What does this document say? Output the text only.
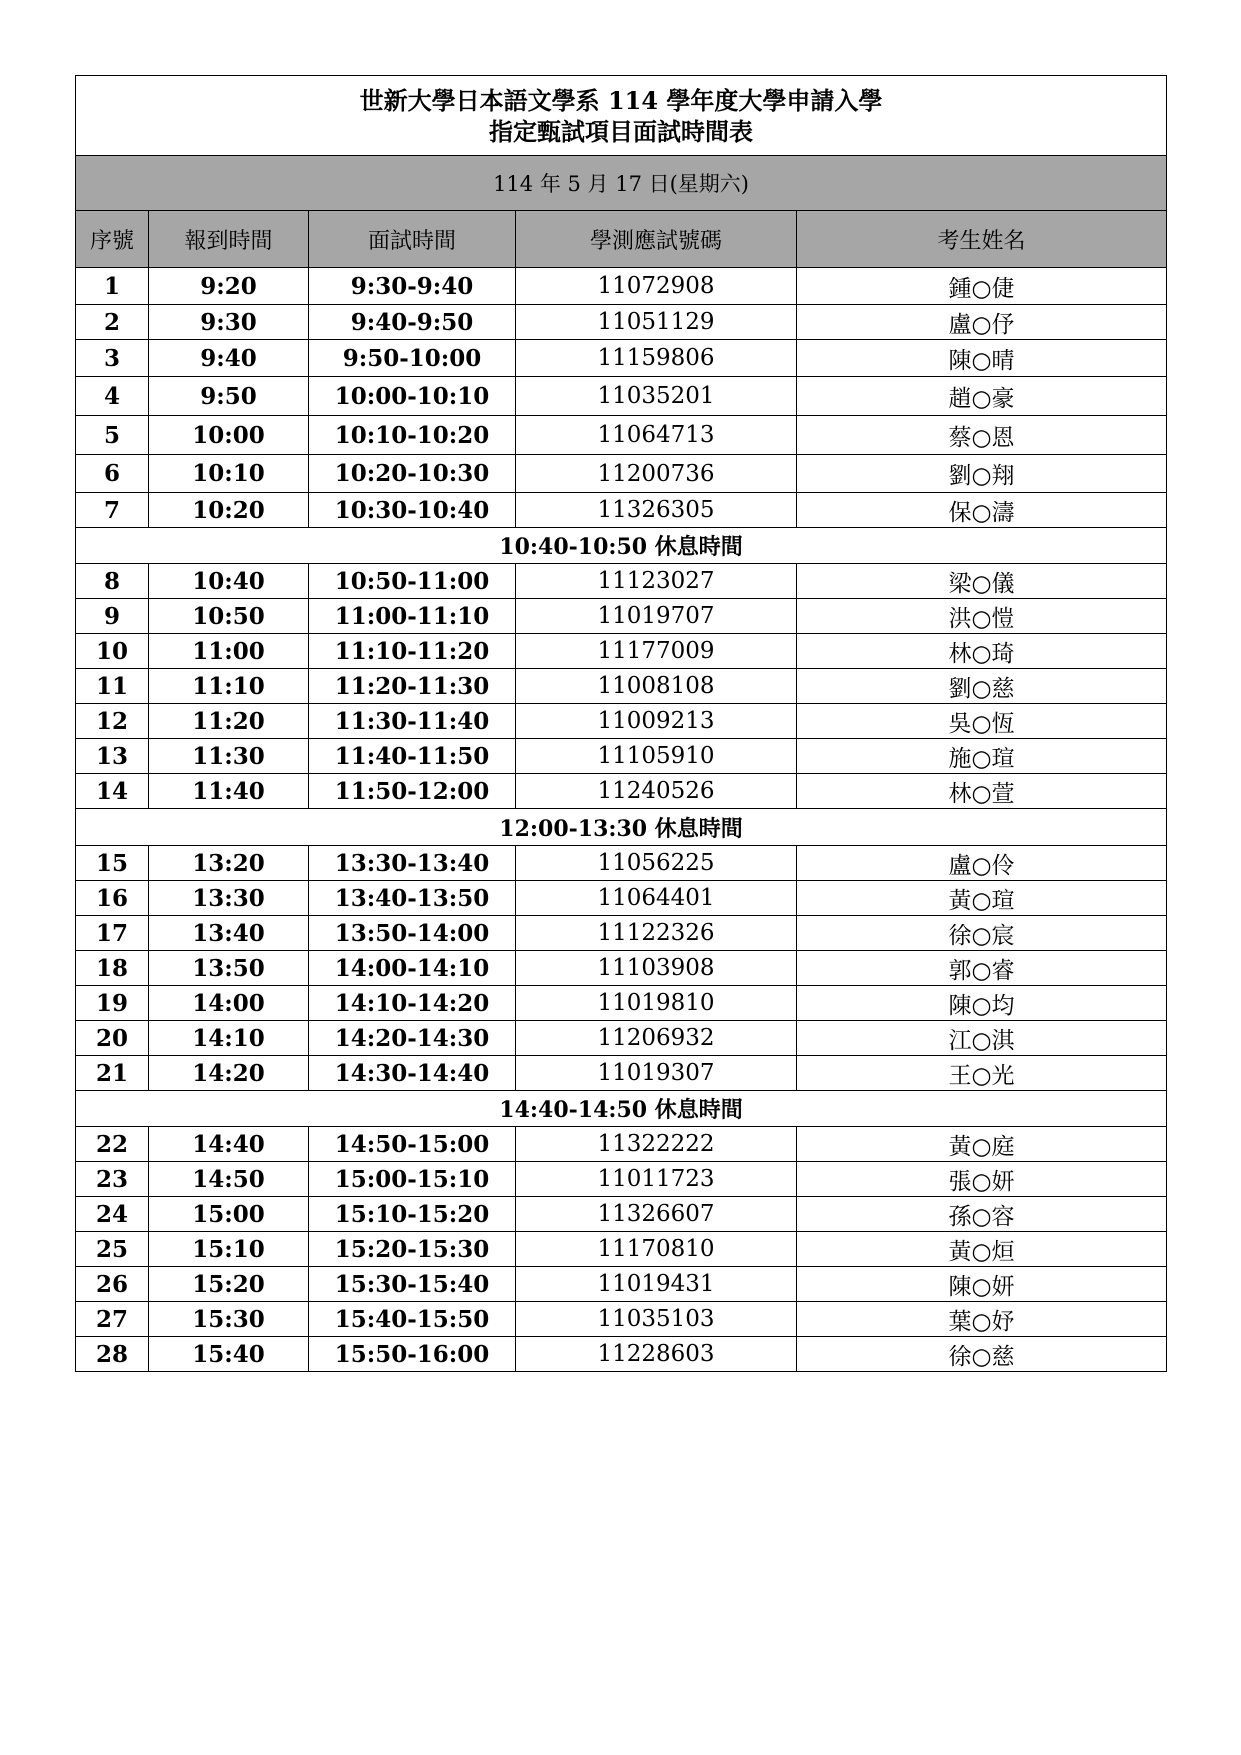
世新大學日本語文學系 114 學年度大學申請入學
指定甄試項目面試時間表				

114 年 5 月 17 日(星期六)				
序號	報到時間	面試時間	學測應試號碼	考生姓名
1	9:20	9:30-9:40	11072908	鍾○倢
2	9:30	9:40-9:50	11051129	盧○伃
3	9:40	9:50-10:00	11159806	陳○晴
4	9:50	10:00-10:10	11035201	趙○豪
5	10:00	10:10-10:20	11064713	蔡○恩
6	10:10	10:20-10:30	11200736	劉○翔
7	10:20	10:30-10:40	11326305	保○濤
10:40-10:50 休息時間				
8	10:40	10:50-11:00	11123027	梁○儀
9	10:50	11:00-11:10	11019707	洪○愷
10	11:00	11:10-11:20	11177009	林○琦
11	11:10	11:20-11:30	11008108	劉○慈
12	11:20	11:30-11:40	11009213	吳○恆
13	11:30	11:40-11:50	11105910	施○瑄
14	11:40	11:50-12:00	11240526	林○萱
12:00-13:30 休息時間				
15	13:20	13:30-13:40	11056225	盧○伶
16	13:30	13:40-13:50	11064401	黃○瑄
17	13:40	13:50-14:00	11122326	徐○宸
18	13:50	14:00-14:10	11103908	郭○睿
19	14:00	14:10-14:20	11019810	陳○均
20	14:10	14:20-14:30	11206932	江○淇
21	14:20	14:30-14:40	11019307	王○光
14:40-14:50 休息時間				
22	14:40	14:50-15:00	11322222	黃○庭
23	14:50	15:00-15:10	11011723	張○妍
24	15:00	15:10-15:20	11326607	孫○容
25	15:10	15:20-15:30	11170810	黃○烜
26	15:20	15:30-15:40	11019431	陳○妍
27	15:30	15:40-15:50	11035103	葉○妤
28	15:40	15:50-16:00	11228603	徐○慈
